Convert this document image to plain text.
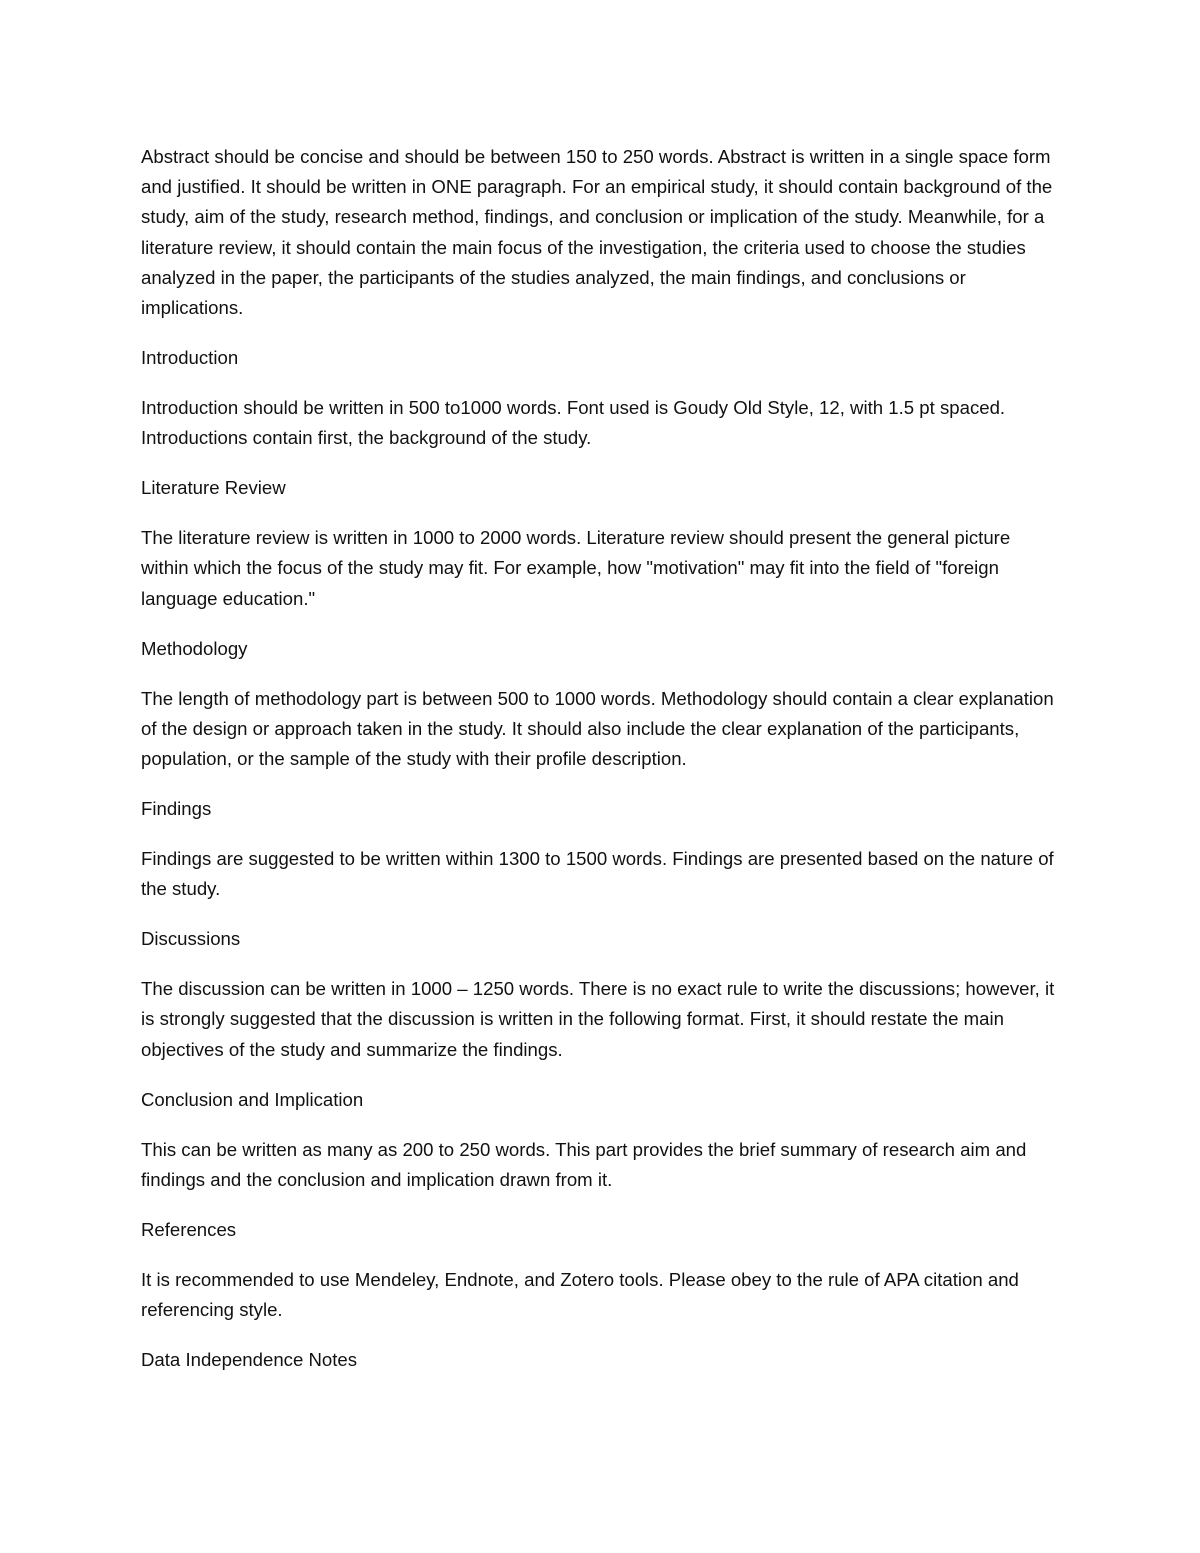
Abstract should be concise and should be between 150 to 250 words. Abstract is written in a single space form and justified. It should be written in ONE paragraph. For an empirical study, it should contain background of the study, aim of the study, research method, findings, and conclusion or implication of the study. Meanwhile, for a literature review, it should contain the main focus of the investigation, the criteria used to choose the studies analyzed in the paper, the participants of the studies analyzed, the main findings, and conclusions or implications.

Introduction

Introduction should be written in 500 to1000 words. Font used is Goudy Old Style, 12, with 1.5 pt spaced. Introductions contain first, the background of the study.

Literature Review

The literature review is written in 1000 to 2000 words. Literature review should present the general picture within which the focus of the study may fit. For example, how "motivation" may fit into the field of "foreign language education."

Methodology

The length of methodology part is between 500 to 1000 words. Methodology should contain a clear explanation of the design or approach taken in the study. It should also include the clear explanation of the participants, population, or the sample of the study with their profile description.

Findings

Findings are suggested to be written within 1300 to 1500 words. Findings are presented based on the nature of the study.

Discussions

The discussion can be written in 1000 – 1250 words. There is no exact rule to write the discussions; however, it is strongly suggested that the discussion is written in the following format. First, it should restate the main objectives of the study and summarize the findings.

Conclusion and Implication

This can be written as many as 200 to 250 words. This part provides the brief summary of research aim and findings and the conclusion and implication drawn from it.

References

It is recommended to use Mendeley, Endnote, and Zotero tools. Please obey to the rule of APA citation and referencing style.

Data Independence Notes
